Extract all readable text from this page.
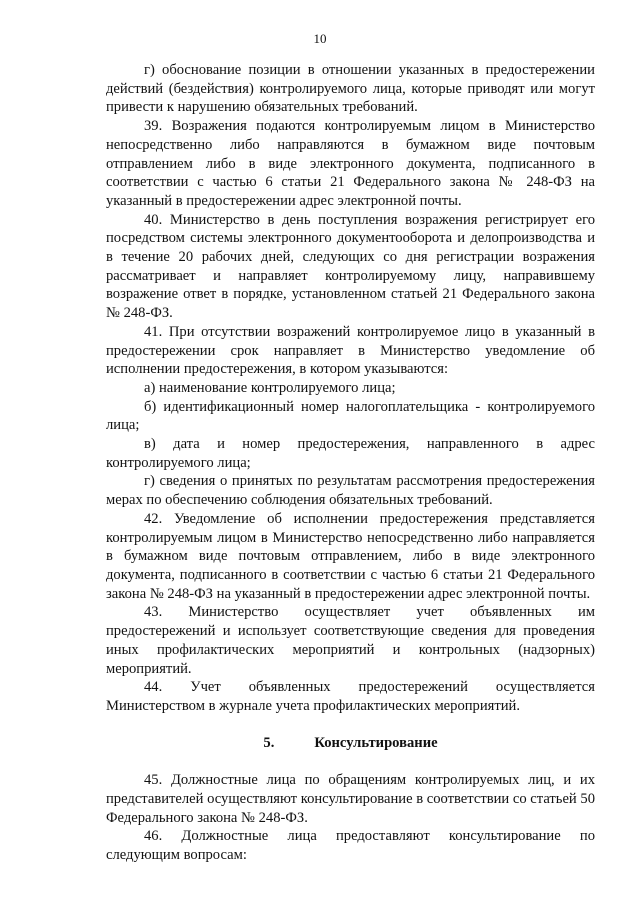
10

г) обоснование позиции в отношении указанных в предостережении действий (бездействия) контролируемого лица, которые приводят или могут привести к нарушению обязательных требований.

39. Возражения подаются контролируемым лицом в Министерство непосредственно либо направляются в бумажном виде почтовым отправлением либо в виде электронного документа, подписанного в соответствии с частью 6 статьи 21 Федерального закона № 248-ФЗ на указанный в предостережении адрес электронной почты.

40. Министерство в день поступления возражения регистрирует его посредством системы электронного документооборота и делопроизводства и в течение 20 рабочих дней, следующих со дня регистрации возражения рассматривает и направляет контролируемому лицу, направившему возражение ответ в порядке, установленном статьей 21 Федерального закона № 248-ФЗ.

41. При отсутствии возражений контролируемое лицо в указанный в предостережении срок направляет в Министерство уведомление об исполнении предостережения, в котором указываются:

а) наименование контролируемого лица;

б) идентификационный номер налогоплательщика - контролируемого лица;

в) дата и номер предостережения, направленного в адрес контролируемого лица;

г) сведения о принятых по результатам рассмотрения предостережения мерах по обеспечению соблюдения обязательных требований.

42. Уведомление об исполнении предостережения представляется контролируемым лицом в Министерство непосредственно либо направляется в бумажном виде почтовым отправлением, либо в виде электронного документа, подписанного в соответствии с частью 6 статьи 21 Федерального закона № 248-ФЗ на указанный в предостережении адрес электронной почты.

43. Министерство осуществляет учет объявленных им предостережений и использует соответствующие сведения для проведения иных профилактических мероприятий и контрольных (надзорных) мероприятий.

44. Учет объявленных предостережений осуществляется Министерством в журнале учета профилактических мероприятий.

5.	Консультирование

45. Должностные лица по обращениям контролируемых лиц, и их представителей осуществляют консультирование в соответствии со статьей 50 Федерального закона № 248-ФЗ.

46. Должностные лица предоставляют консультирование по следующим вопросам:
